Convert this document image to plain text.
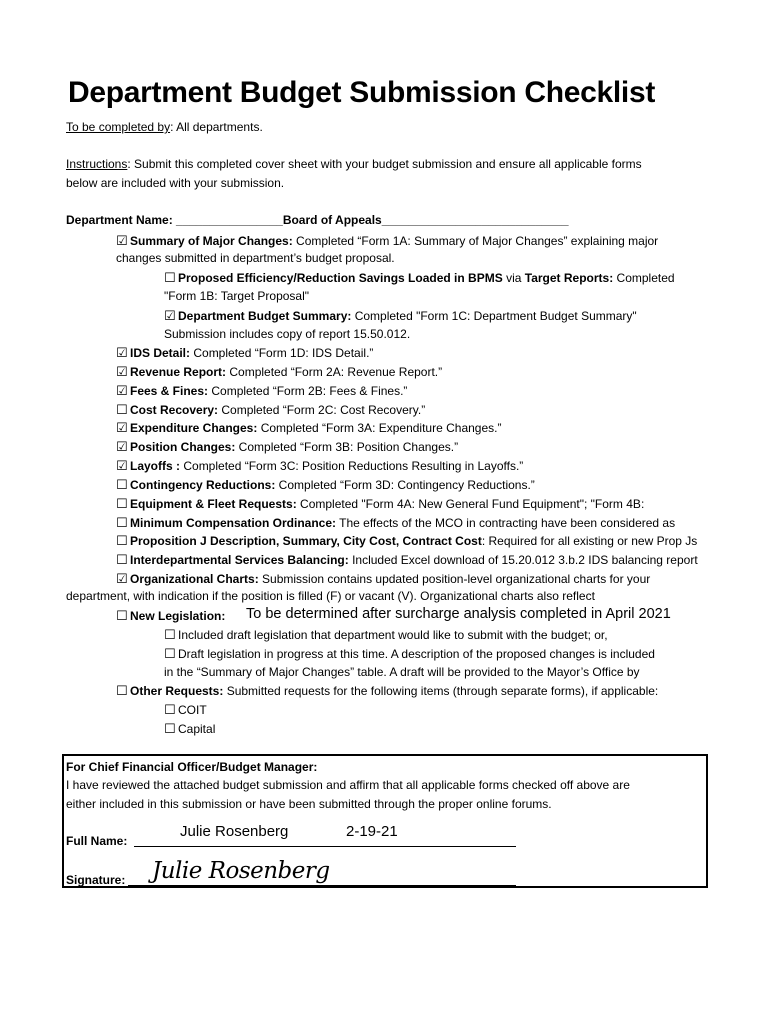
Department Budget Submission Checklist
To be completed by: All departments.
Instructions: Submit this completed cover sheet with your budget submission and ensure all applicable forms
below are included with your submission.
Department Name: ________________Board of Appeals____________________________
☑ Summary of Major Changes: Completed “Form 1A: Summary of Major Changes” explaining major
changes submitted in department’s budget proposal.
☐ Proposed Efficiency/Reduction Savings Loaded in BPMS via Target Reports: Completed
"Form 1B: Target Proposal"
☑ Department Budget Summary: Completed "Form 1C: Department Budget Summary"
Submission includes copy of report 15.50.012.
☑ IDS Detail: Completed “Form 1D: IDS Detail.”
☑ Revenue Report: Completed “Form 2A: Revenue Report.”
☑ Fees & Fines: Completed “Form 2B: Fees & Fines.”
☐ Cost Recovery: Completed “Form 2C: Cost Recovery.”
☑ Expenditure Changes: Completed “Form 3A: Expenditure Changes.”
☑ Position Changes: Completed “Form 3B: Position Changes.”
☑ Layoffs : Completed “Form 3C: Position Reductions Resulting in Layoffs.”
☐ Contingency Reductions: Completed “Form 3D: Contingency Reductions.”
☐ Equipment & Fleet Requests: Completed "Form 4A: New General Fund Equipment"; "Form 4B:
☐ Minimum Compensation Ordinance: The effects of the MCO in contracting have been considered as
☐ Proposition J Description, Summary, City Cost, Contract Cost: Required for all existing or new Prop Js
☐ Interdepartmental Services Balancing: Included Excel download of 15.20.012 3.b.2 IDS balancing report
☑ Organizational Charts: Submission contains updated position-level organizational charts for your
department, with indication if the position is filled (F) or vacant (V). Organizational charts also reflect
☐ New Legislation: To be determined after surcharge analysis completed in April 2021
☐ Included draft legislation that department would like to submit with the budget; or,
☐ Draft legislation in progress at this time. A description of the proposed changes is included
in the “Summary of Major Changes” table. A draft will be provided to the Mayor’s Office by
☐ Other Requests: Submitted requests for the following items (through separate forms), if applicable:
☐ COIT
☐ Capital
For Chief Financial Officer/Budget Manager:
I have reviewed the attached budget submission and affirm that all applicable forms checked off above are
either included in this submission or have been submitted through the proper online forums.
Full Name:
Julie Rosenberg	2-19-21
Signature: Julie Rosenberg
